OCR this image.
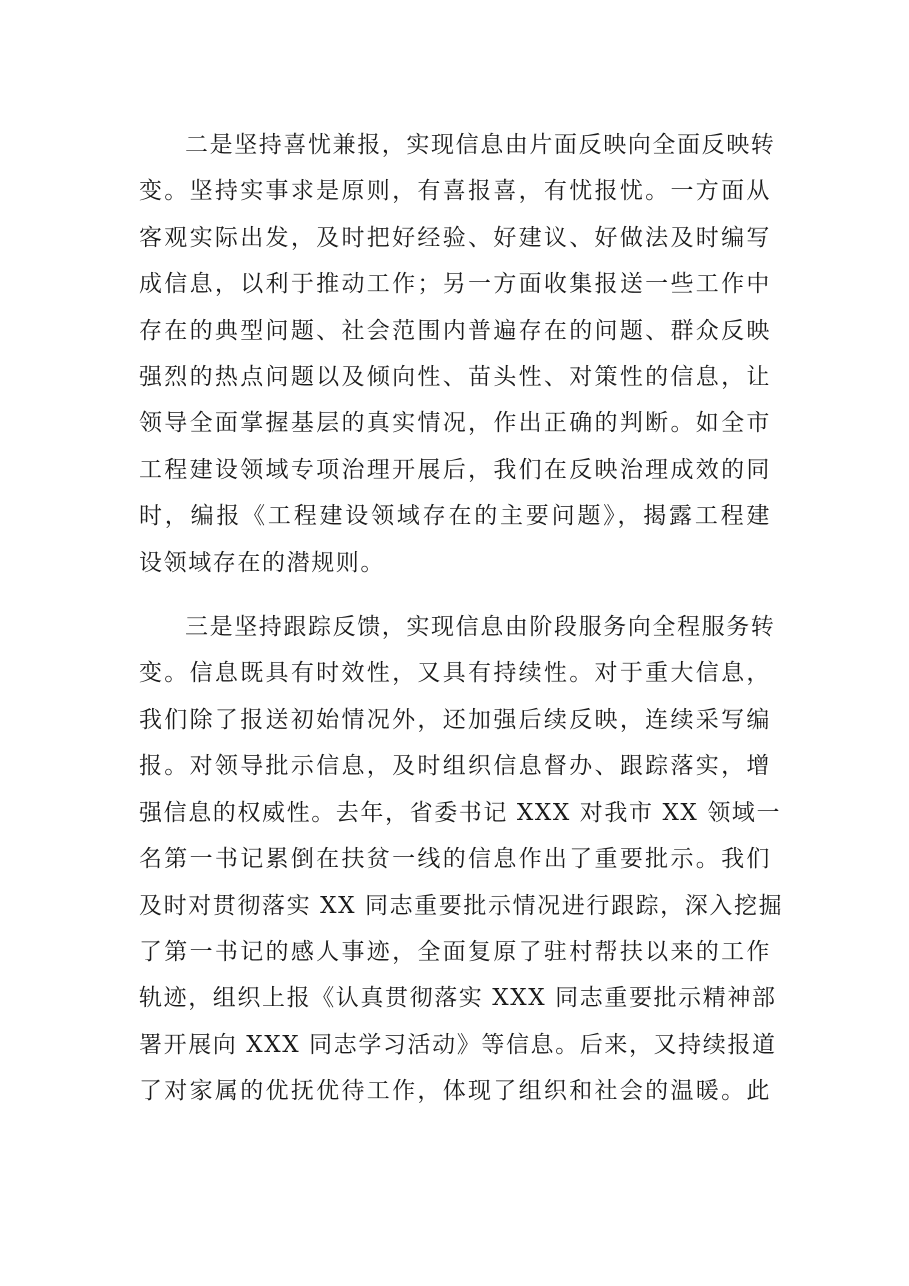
二是坚持喜忧兼报，实现信息由片面反映向全面反映转

变。坚持实事求是原则，有喜报喜，有忧报忧。一方面从

客观实际出发，及时把好经验、好建议、好做法及时编写

成信息，以利于推动工作；另一方面收集报送一些工作中

存在的典型问题、社会范围内普遍存在的问题、群众反映

强烈的热点问题以及倾向性、苗头性、对策性的信息，让

领导全面掌握基层的真实情况，作出正确的判断。如全市

工程建设领域专项治理开展后，我们在反映治理成效的同

时，编报《工程建设领域存在的主要问题》，揭露工程建

设领域存在的潜规则。

三是坚持跟踪反馈，实现信息由阶段服务向全程服务转

变。信息既具有时效性，又具有持续性。对于重大信息，

我们除了报送初始情况外，还加强后续反映，连续采写编

报。对领导批示信息，及时组织信息督办、跟踪落实，增

强信息的权威性。去年，省委书记 XXX 对我市 XX 领域一

名第一书记累倒在扶贫一线的信息作出了重要批示。我们

及时对贯彻落实 XX 同志重要批示情况进行跟踪，深入挖掘

了第一书记的感人事迹，全面复原了驻村帮扶以来的工作

轨迹，组织上报《认真贯彻落实 XXX 同志重要批示精神部

署开展向 XXX 同志学习活动》等信息。后来，又持续报道

了对家属的优抚优待工作，体现了组织和社会的温暖。此
